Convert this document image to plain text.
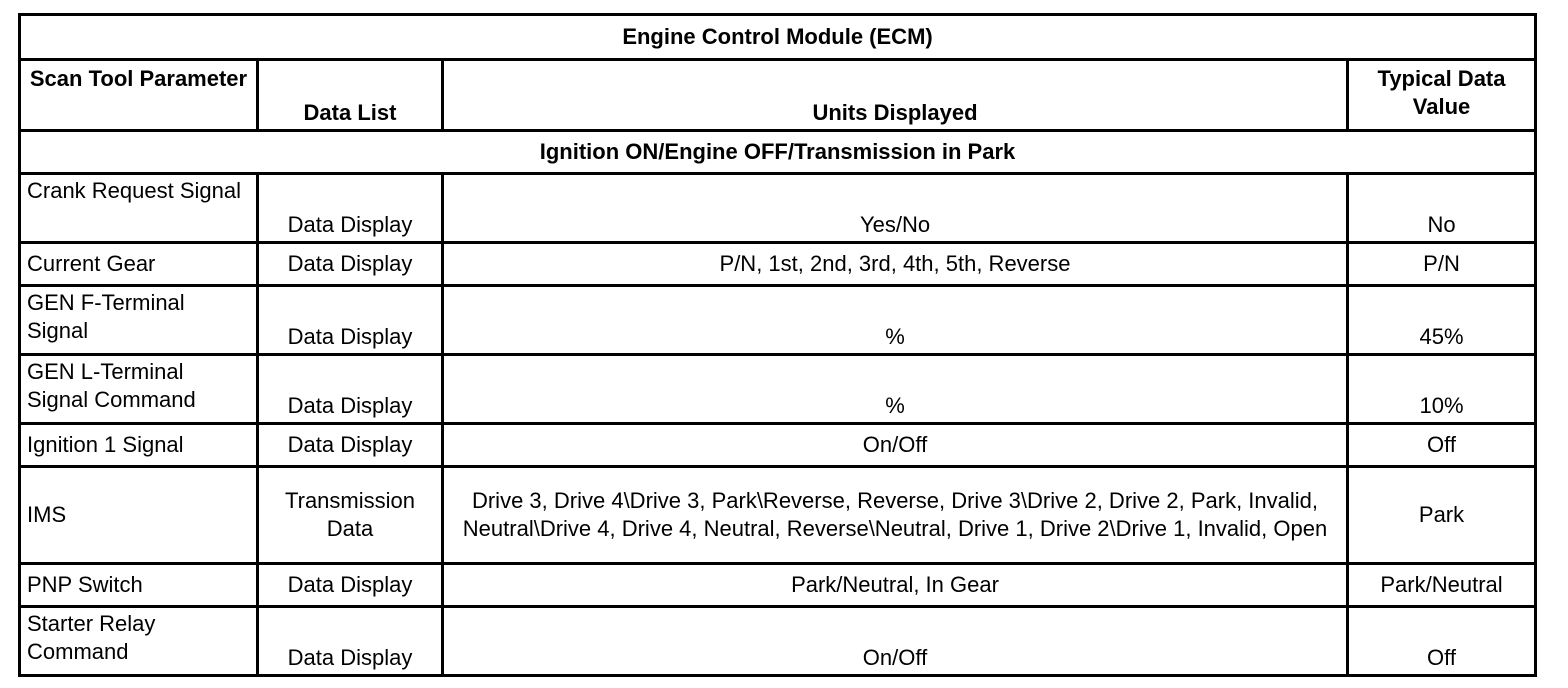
Engine Control Module (ECM)			
Scan Tool Parameter	Data List	Units Displayed	Typical Data Value
Ignition ON/Engine OFF/Transmission in Park			
Crank Request Signal	Data Display	Yes/No	No
Current Gear	Data Display	P/N, 1st, 2nd, 3rd, 4th, 5th, Reverse	P/N
GEN F-Terminal Signal	Data Display	%	45%
GEN L-Terminal Signal Command	Data Display	%	10%
Ignition 1 Signal	Data Display	On/Off	Off
IMS	Transmission Data	Drive 3, Drive 4\Drive 3, Park\Reverse, Reverse, Drive 3\Drive 2, Drive 2, Park, Invalid, Neutral\Drive 4, Drive 4, Neutral, Reverse\Neutral, Drive 1, Drive 2\Drive 1, Invalid, Open	Park
PNP Switch	Data Display	Park/Neutral, In Gear	Park/Neutral
Starter Relay Command	Data Display	On/Off	Off
